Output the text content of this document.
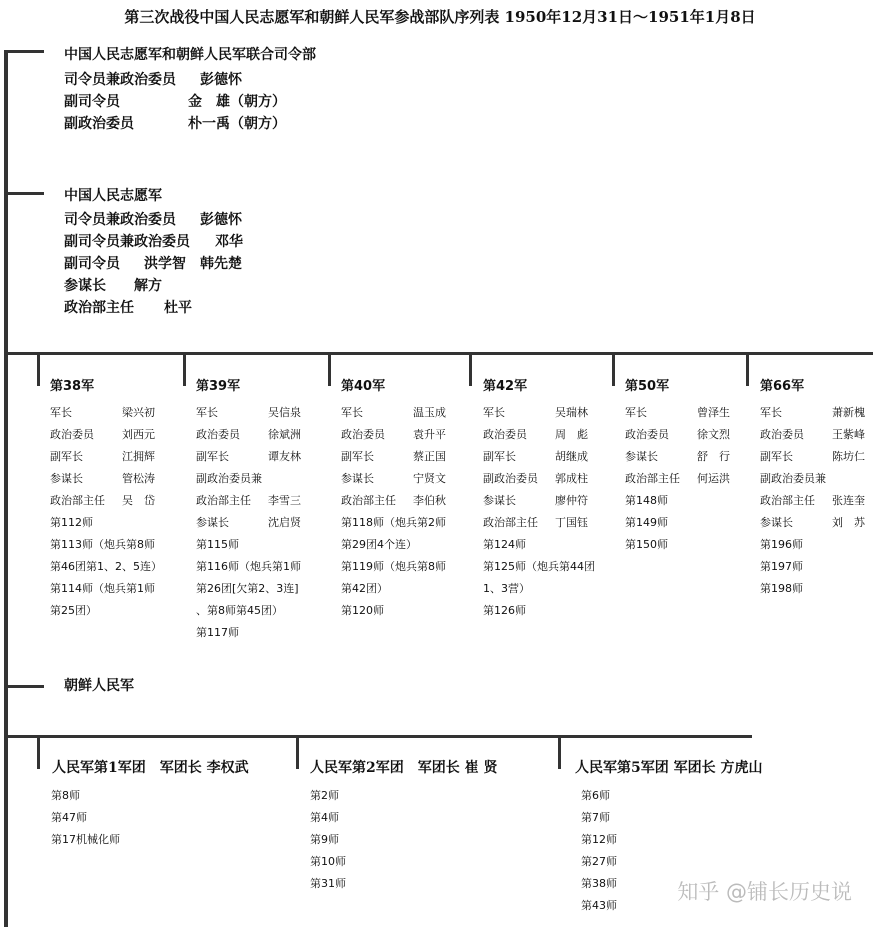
第三次战役中国人民志愿军和朝鲜人民军参战部队序列表 1950年12月31日～1951年1月8日
中国人民志愿军和朝鲜人民军联合司令部
司令员兼政治委员	彭德怀
副司令员	金　雄（朝方）
副政治委员	朴一禹（朝方）
中国人民志愿军
司令员兼政治委员	彭德怀
副司令员兼政治委员	邓华
副司令员	洪学智　韩先楚
参谋长	解方
政治部主任	杜平
第38军
军长	梁兴初
政治委员	刘西元
副军长	江拥辉
参谋长	管松涛
政治部主任	吴　岱
第112师
第113师（炮兵第8师
第46团第1、2、5连）
第114师（炮兵第1师
第25团）
第39军
军长	吴信泉
政治委员	徐斌洲
副军长	谭友林
副政治委员兼
政治部主任	李雪三
参谋长	沈启贤
第115师
第116师（炮兵第1师
第26团[欠第2、3连]
、第8师第45团）
第117师
第40军
军长	温玉成
政治委员	袁升平
副军长	蔡正国
参谋长	宁贤文
政治部主任	李伯秋
第118师（炮兵第2师
第29团4个连）
第119师（炮兵第8师
第42团）
第120师
第42军
军长	吴瑞林
政治委员	周　彪
副军长	胡继成
副政治委员	郭成柱
参谋长	廖仲符
政治部主任	丁国钰
第124师
第125师（炮兵第44团
1、3营）
第126师
第50军
军长	曾泽生
政治委员	徐文烈
参谋长	舒　行
政治部主任	何运洪
第148师
第149师
第150师
第66军
军长	萧新槐
政治委员	王紫峰
副军长	陈坊仁
副政治委员兼
政治部主任	张连奎
参谋长	刘　苏
第196师
第197师
第198师
朝鲜人民军
人民军第1军团　军团长 李权武
第8师
第47师
第17机械化师
人民军第2军团　军团长 崔 贤
第2师
第4师
第9师
第10师
第31师
人民军第5军团 军团长 方虎山
第6师
第7师
第12师
第27师
第38师
第43师
知乎 @铺长历史说
